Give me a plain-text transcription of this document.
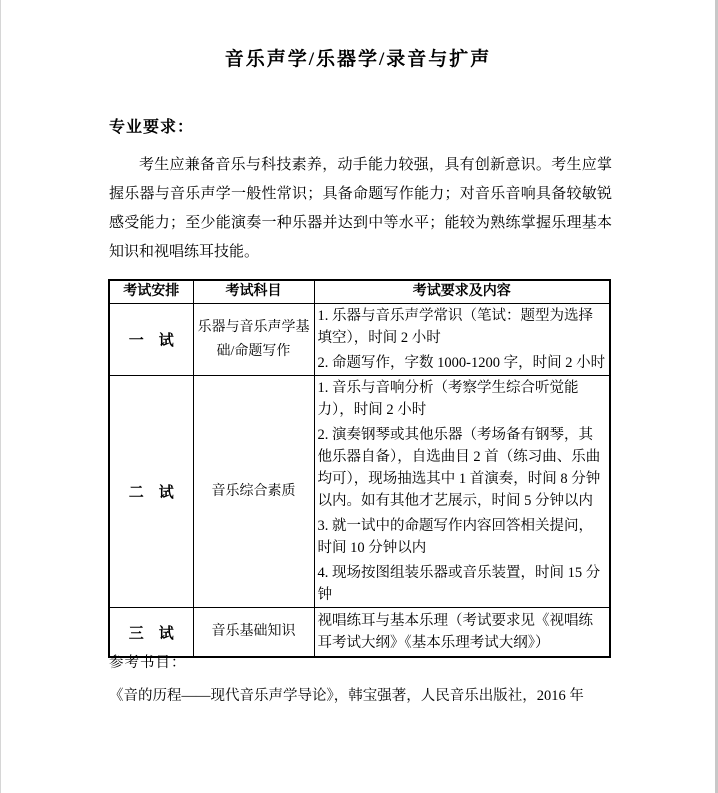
音乐声学/乐器学/录音与扩声
专业要求：
考生应兼备音乐与科技素养，动手能力较强，具有创新意识。考生应掌握乐器与音乐声学一般性常识；具备命题写作能力；对音乐音响具备较敏锐感受能力；至少能演奏一种乐器并达到中等水平；能较为熟练掌握乐理基本知识和视唱练耳技能。
考试安排	考试科目	考试要求及内容
一　试	乐器与音乐声学基础/命题写作	1. 乐器与音乐声学常识（笔试：题型为选择填空），时间 2 小时
2. 命题写作，字数 1000-1200 字，时间 2 小时

二　试	音乐综合素质	1. 音乐与音响分析（考察学生综合听觉能力），时间 2 小时
2. 演奏钢琴或其他乐器（考场备有钢琴，其他乐器自备），自选曲目 2 首（练习曲、乐曲均可），现场抽选其中 1 首演奏，时间 8 分钟以内。如有其他才艺展示，时间 5 分钟以内
3. 就一试中的命题写作内容回答相关提问，时间 10 分钟以内
4. 现场按图组装乐器或音乐装置，时间 15 分钟

三　试	音乐基础知识	视唱练耳与基本乐理（考试要求见《视唱练耳考试大纲》《基本乐理考试大纲》）
参考书目：
《音的历程——现代音乐声学导论》，韩宝强著，人民音乐出版社，2016 年
